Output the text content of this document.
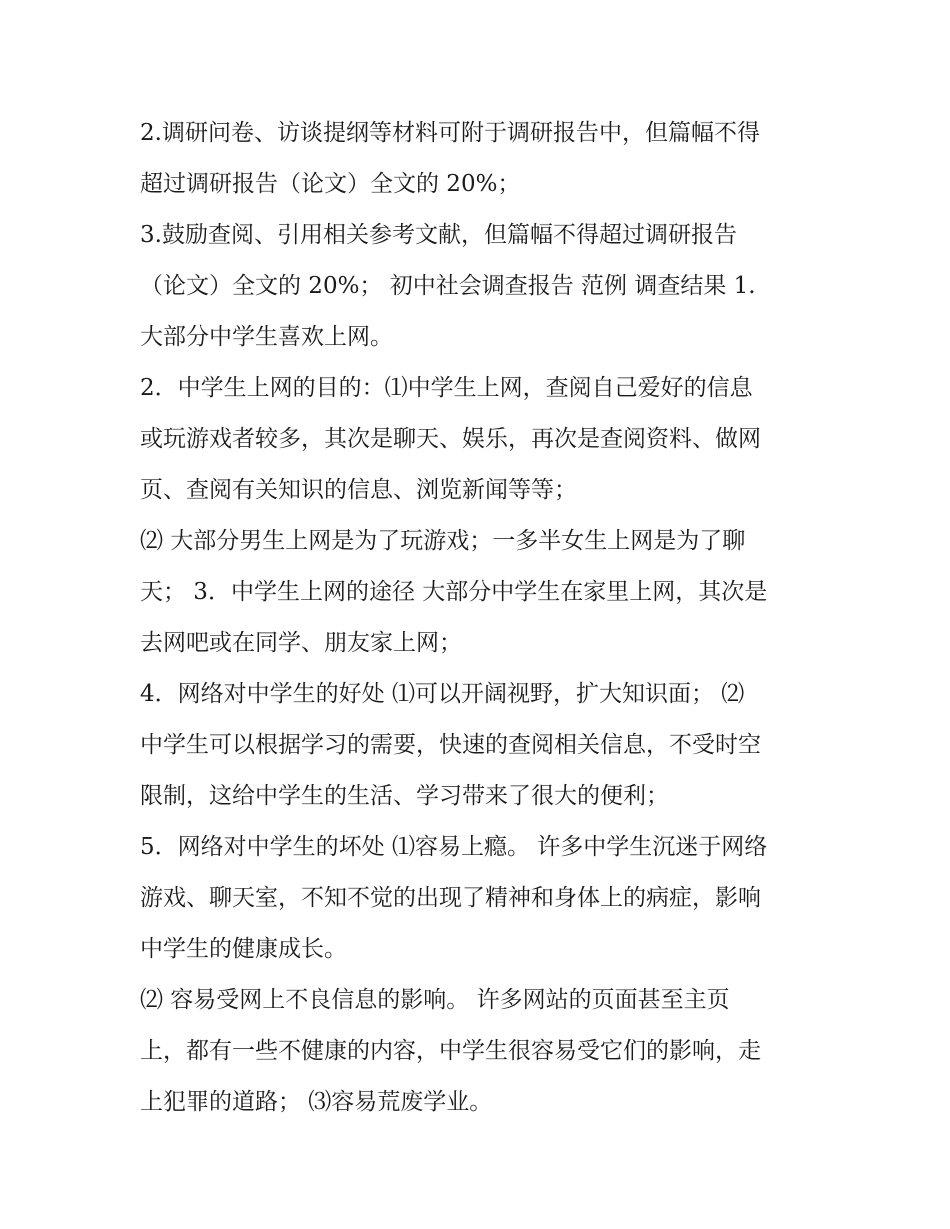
2.调研问卷、访谈提纲等材料可附于调研报告中，但篇幅不得
超过调研报告（论文）全文的 20%；
3.鼓励查阅、引用相关参考文献，但篇幅不得超过调研报告
（论文）全文的 20%； 初中社会调查报告 范例 调查结果 1.
大部分中学生喜欢上网。
2．中学生上网的目的：⑴中学生上网，查阅自己爱好的信息
或玩游戏者较多，其次是聊天、娱乐，再次是查阅资料、做网
页、查阅有关知识的信息、浏览新闻等等；
⑵ 大部分男生上网是为了玩游戏；一多半女生上网是为了聊
天； 3．中学生上网的途径 大部分中学生在家里上网，其次是
去网吧或在同学、朋友家上网；
4．网络对中学生的好处 ⑴可以开阔视野，扩大知识面； ⑵
中学生可以根据学习的需要，快速的查阅相关信息，不受时空
限制，这给中学生的生活、学习带来了很大的便利；
5．网络对中学生的坏处 ⑴容易上瘾。 许多中学生沉迷于网络
游戏、聊天室，不知不觉的出现了精神和身体上的病症，影响
中学生的健康成长。
⑵ 容易受网上不良信息的影响。 许多网站的页面甚至主页
上，都有一些不健康的内容，中学生很容易受它们的影响，走
上犯罪的道路； ⑶容易荒废学业。
